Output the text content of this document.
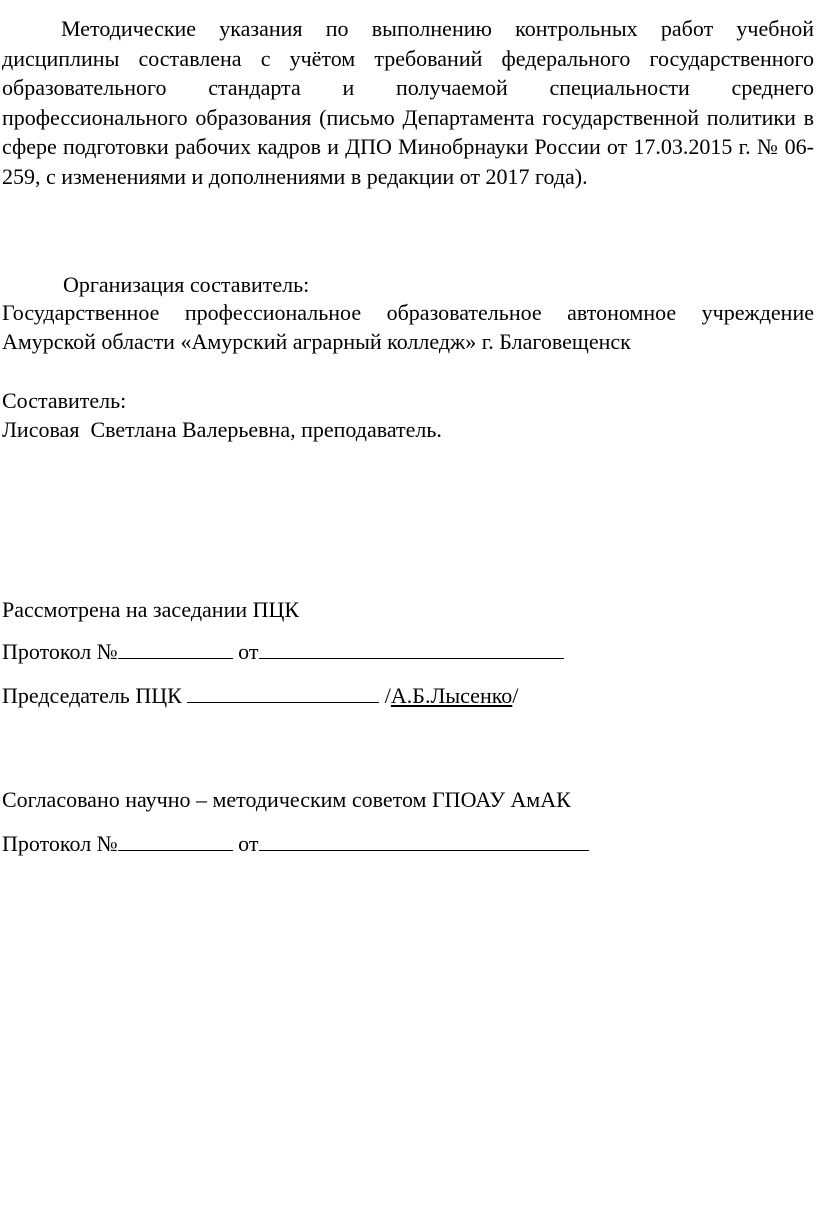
Методические указания по выполнению контрольных работ учебной дисциплины составлена с учётом требований федерального государственного образовательного стандарта и получаемой специальности среднего профессионального образования (письмо Департамента государственной политики в сфере подготовки рабочих кадров и ДПО Минобрнауки России от 17.03.2015 г. № 06-259, с изменениями и дополнениями в редакции от 2017 года).

Организация составитель:

Государственное профессиональное образовательное автономное учреждение Амурской области «Амурский аграрный колледж» г. Благовещенск

Составитель:

Лисовая  Светлана Валерьевна, преподаватель.

Рассмотрена на заседании ПЦК

Протокол №	от

Председатель ПЦК	/А.Б.Лысенко/

Согласовано научно – методическим советом ГПОАУ АмАК

Протокол №	от
